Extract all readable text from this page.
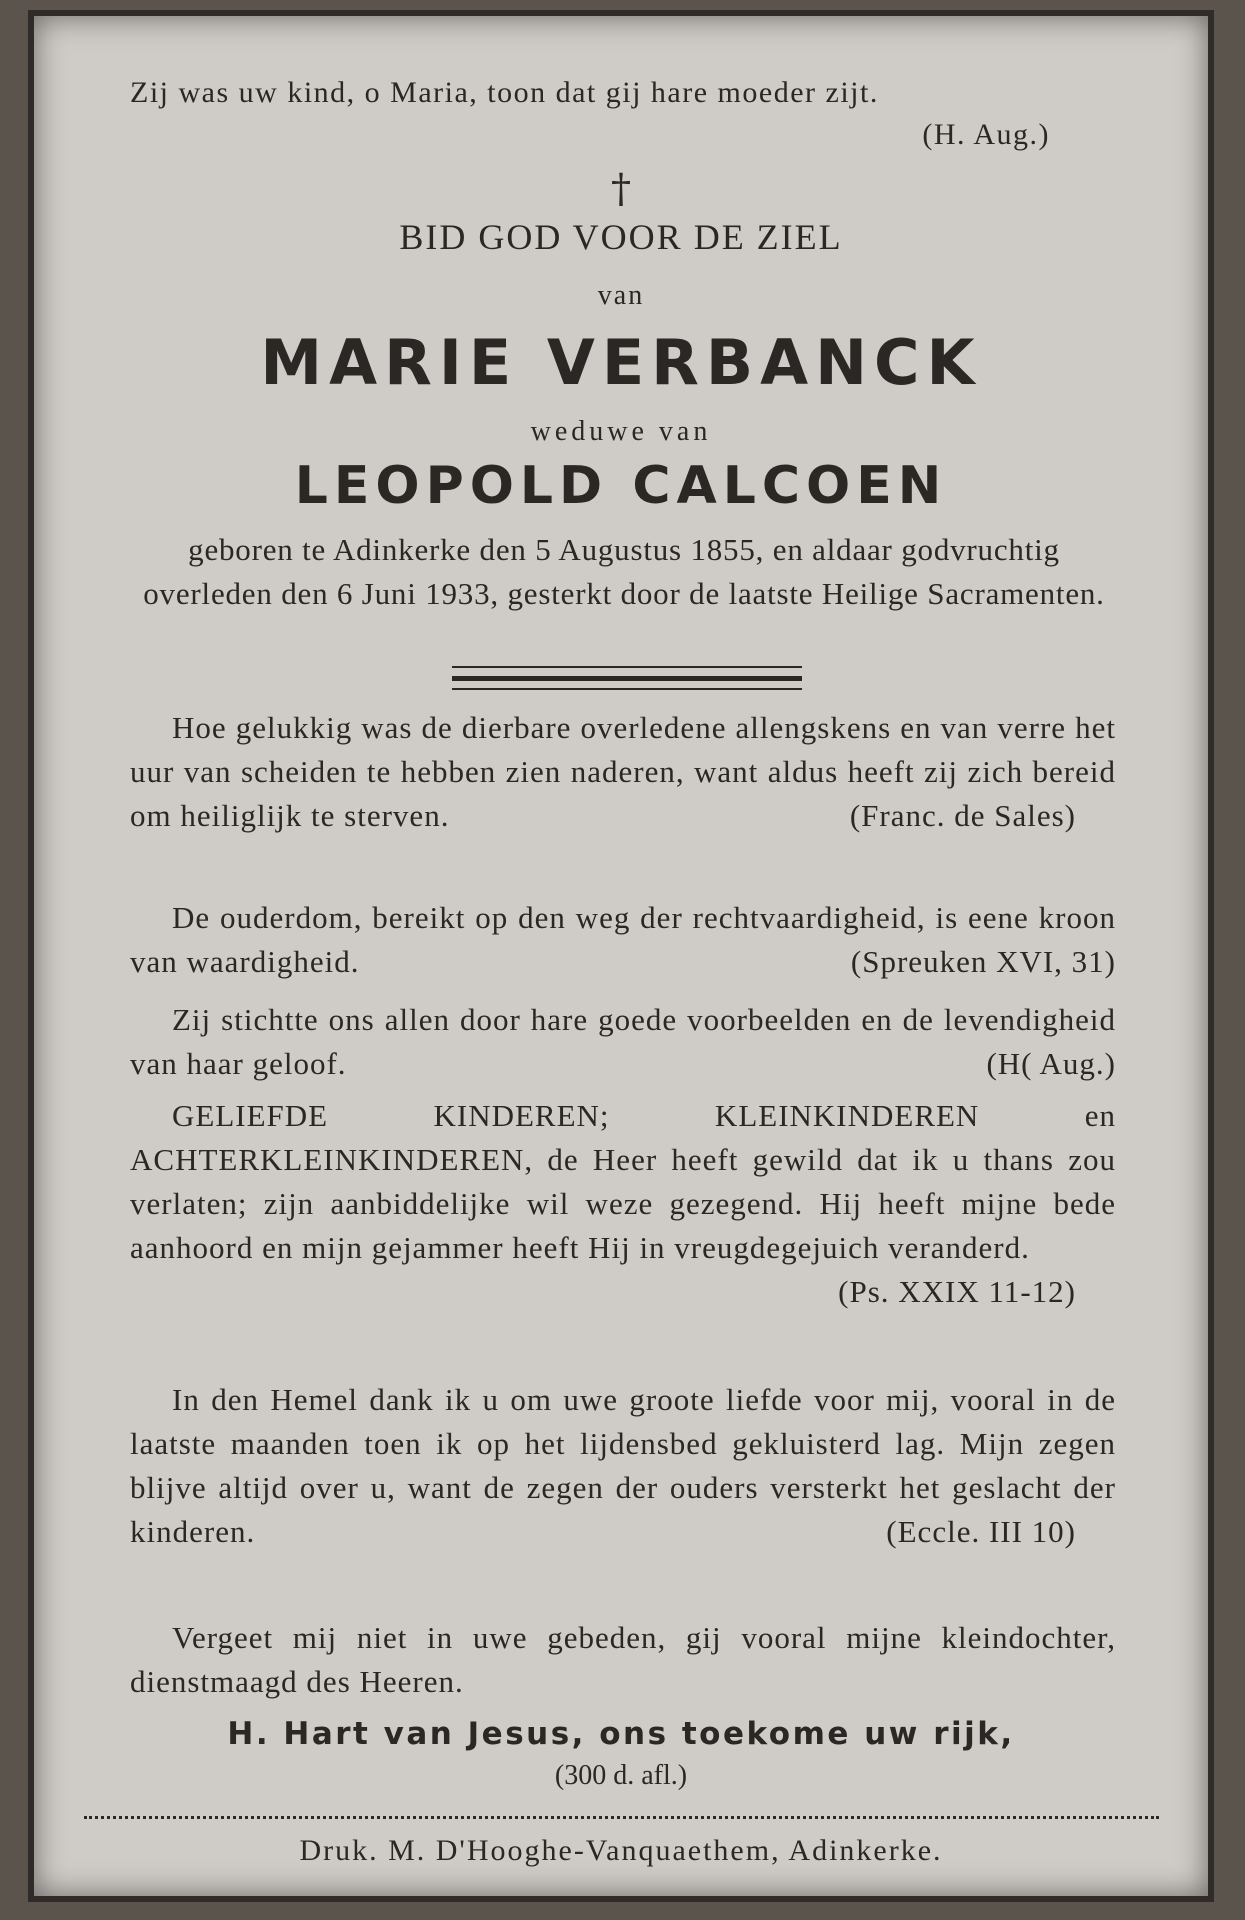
Zij was uw kind, o Maria, toon dat gij hare moeder zijt.
(H. Aug.)
†
BID GOD VOOR DE ZIEL
van
MARIE VERBANCK
weduwe van
LEOPOLD CALCOEN
geboren te Adinkerke den 5 Augustus 1855, en aldaar godvruchtig overleden den 6 Juni 1933, gesterkt door de laatste Heilige Sacramenten.
Hoe gelukkig was de dierbare overledene allengskens en van verre het uur van scheiden te hebben zien naderen, want aldus heeft zij zich bereid om heiliglijk te sterven.	(Franc. de Sales)
De ouderdom, bereikt op den weg der rechtvaardigheid, is eene kroon van waardigheid.	(Spreuken XVI, 31)
Zij stichtte ons allen door hare goede voorbeelden en de levendigheid van haar geloof.	(H( Aug.)
GELIEFDE KINDEREN; KLEINKINDEREN en ACHTERKLEINKINDEREN, de Heer heeft gewild dat ik u thans zou verlaten; zijn aanbiddelijke wil weze gezegend. Hij heeft mijne bede aanhoord en mijn gejammer heeft Hij in vreugdegejuich veranderd.
(Ps. XXIX 11-12)
In den Hemel dank ik u om uwe groote liefde voor mij, vooral in de laatste maanden toen ik op het lijdensbed gekluisterd lag. Mijn zegen blijve altijd over u, want de zegen der ouders versterkt het geslacht der kinderen.	(Eccle. III 10)
Vergeet mij niet in uwe gebeden, gij vooral mijne kleindochter, dienstmaagd des Heeren.
H. Hart van Jesus, ons toekome uw rijk,
(300 d. afl.)
Druk. M. D'Hooghe-Vanquaethem, Adinkerke.
